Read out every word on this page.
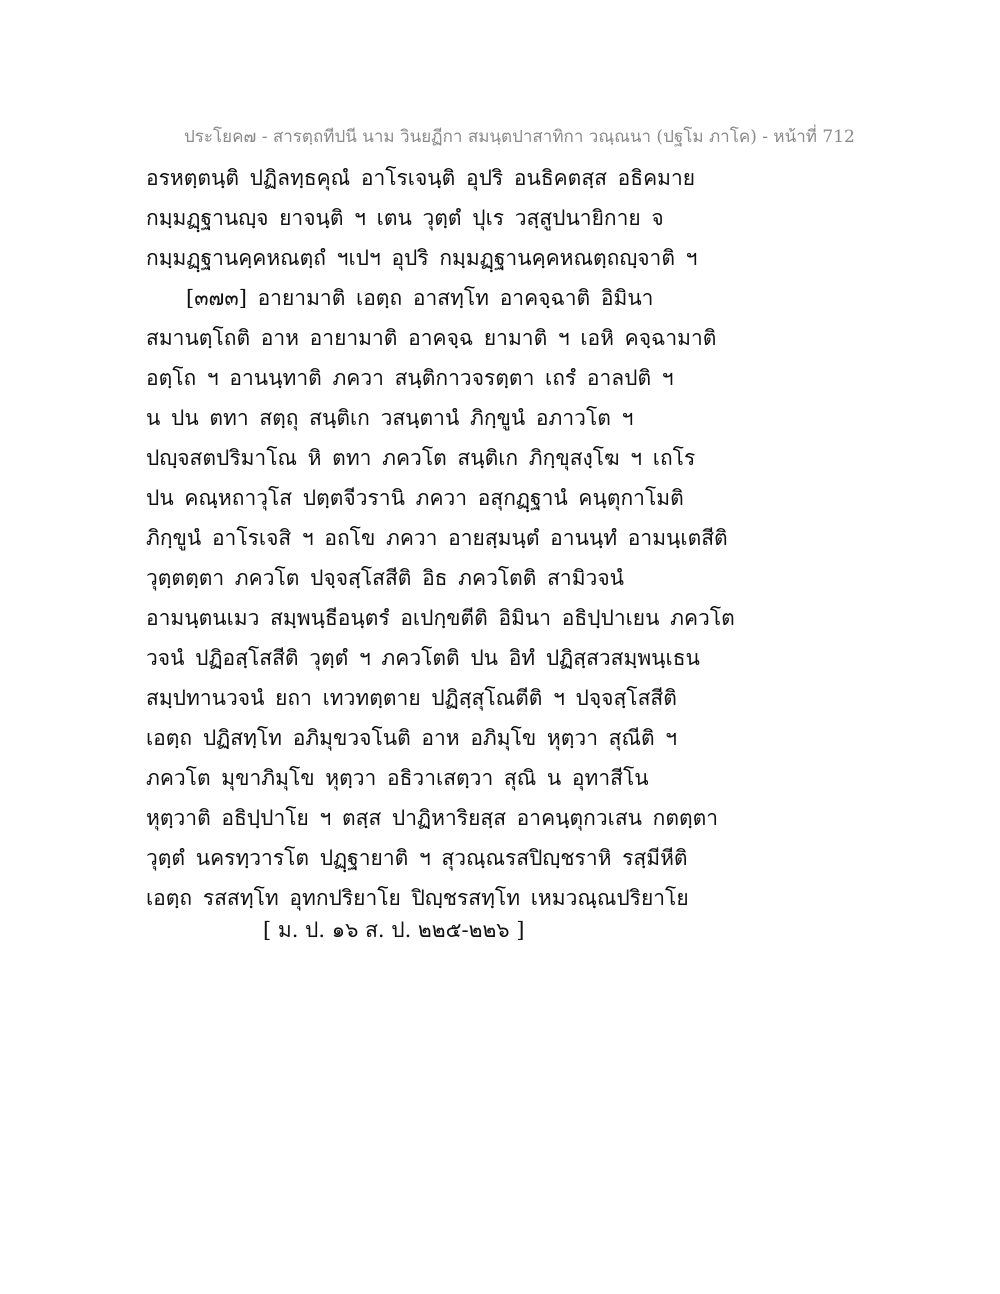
ประโยค๗ - สารตฺถทีปนี นาม วินยฏีกา สมนฺตปาสาทิกา วณฺณนา (ปฐโม ภาโค) - หน้าที่ 712
อรหตฺตนฺติ ปฏิลทฺธคุณํ อาโรเจนฺติ อุปริ อนธิคตสฺส อธิคมาย
กมฺมฏฺฐานญฺจ ยาจนฺติ ฯ เตน วุตฺตํ ปุเร วสฺสูปนายิกาย จ
กมฺมฏฺฐานคฺคหณตฺถํ ฯเปฯ อุปริ กมฺมฏฺฐานคฺคหณตฺถญฺจาติ ฯ
[๓๗๓] อายามาติ เอตฺถ อาสทฺโท อาคจฺฉาติ อิมินา
สมานตฺโถติ อาห อายามาติ อาคจฺฉ ยามาติ ฯ เอหิ คจฺฉามาติ
อตฺโถ ฯ อานนฺทาติ ภควา สนฺติกาวจรตฺตา เถรํ อาลปติ ฯ
น ปน ตทา สตฺถุ สนฺติเก วสนฺตานํ ภิกฺขูนํ อภาวโต ฯ
ปญฺจสตปริมาโณ หิ ตทา ภควโต สนฺติเก ภิกฺขุสงฺโฆ ฯ เถโร
ปน คณฺหถาวุโส ปตฺตจีวรานิ ภควา อสุกฏฺฐานํ คนฺตุกาโมติ
ภิกฺขูนํ อาโรเจสิ ฯ อถโข ภควา อายสฺมนฺตํ อานนฺทํ อามนฺเตสีติ
วุตฺตตฺตา ภควโต ปจฺจสฺโสสีติ อิธ ภควโตติ สามิวจนํ
อามนฺตนเมว สมฺพนฺธีอนฺตรํ อเปกฺขตีติ อิมินา อธิปฺปาเยน ภควโต
วจนํ ปฏิอสฺโสสีติ วุตฺตํ ฯ ภควโตติ ปน อิทํ ปฏิสฺสวสมฺพนฺเธน
สมฺปทานวจนํ ยถา เทวทตฺตาย ปฏิสฺสุโณตีติ ฯ ปจฺจสฺโสสีติ
เอตฺถ ปฏิสทฺโท อภิมุขวจโนติ อาห อภิมุโข หุตฺวา สุณีติ ฯ
ภควโต มุขาภิมุโข หุตฺวา อธิวาเสตฺวา สุณิ น อุทาสีโน
หุตฺวาติ อธิปฺปาโย ฯ ตสฺส ปาฏิหาริยสฺส อาคนฺตุกวเสน กตตฺตา
วุตฺตํ นครทฺวารโต ปฏฺฐายาติ ฯ สุวณฺณรสปิญฺชราหิ รสฺมีหีติ
เอตฺถ รสสทฺโท อุทกปริยาโย ปิญฺชรสทฺโท เหมวณฺณปริยาโย
[ ม. ป. ๑๖ ส. ป. ๒๒๕-๒๒๖ ]
